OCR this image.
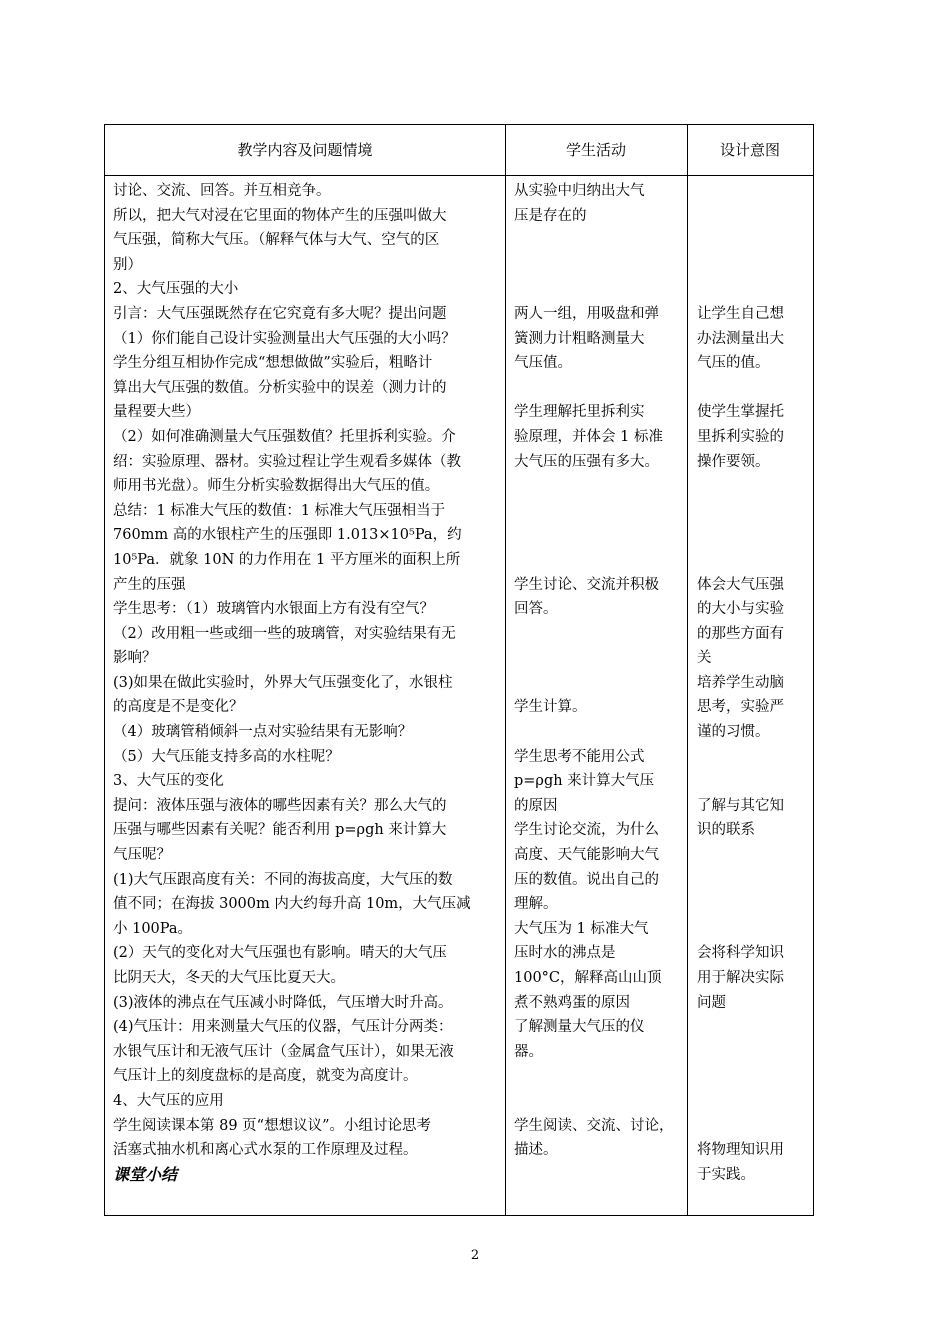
教学内容及问题情境	学生活动	设计意图
讨论、交流、回答。并互相竞争。
所以，把大气对浸在它里面的物体产生的压强叫做大
气压强，简称大气压。（解释气体与大气、空气的区
别）
2、大气压强的大小
引言：大气压强既然存在它究竟有多大呢？提出问题
（1）你们能自己设计实验测量出大气压强的大小吗？
学生分组互相协作完成“想想做做”实验后，粗略计
算出大气压强的数值。分析实验中的误差（测力计的
量程要大些）
（2）如何准确测量大气压强数值？托里拆利实验。介
绍：实验原理、器材。实验过程让学生观看多媒体（教
师用书光盘）。师生分析实验数据得出大气压的值。
总结：1 标准大气压的数值：1 标准大气压强相当于
760mm 高的水银柱产生的压强即 1.013×10⁵Pa，约
10⁵Pa．就象 10N 的力作用在 1 平方厘米的面积上所
产生的压强
学生思考：（1）玻璃管内水银面上方有没有空气？
（2）改用粗一些或细一些的玻璃管，对实验结果有无
影响？
(3)如果在做此实验时，外界大气压强变化了，水银柱
的高度是不是变化？
（4）玻璃管稍倾斜一点对实验结果有无影响？
（5）大气压能支持多高的水柱呢？
3、大气压的变化
提问：液体压强与液体的哪些因素有关？那么大气的
压强与哪些因素有关呢？能否利用 p=ρgh 来计算大
气压呢？
(1)大气压跟高度有关：不同的海拔高度，大气压的数
值不同；在海拔 3000m 内大约每升高 10m，大气压减
小 100Pa。
(2）天气的变化对大气压强也有影响。晴天的大气压
比阴天大，冬天的大气压比夏天大。
(3)液体的沸点在气压减小时降低，气压增大时升高。
(4)气压计：用来测量大气压的仪器，气压计分两类：
水银气压计和无液气压计（金属盒气压计），如果无液
气压计上的刻度盘标的是高度，就变为高度计。
4、大气压的应用
学生阅读课本第 89 页“想想议议”。小组讨论思考
活塞式抽水机和离心式水泵的工作原理及过程。
课堂小结
从实验中归纳出大气
压是存在的
两人一组，用吸盘和弹
簧测力计粗略测量大
气压值。
学生理解托里拆利实
验原理，并体会 1 标准
大气压的压强有多大。
学生讨论、交流并积极
回答。
学生计算。
学生思考不能用公式
p=ρgh 来计算大气压
的原因
学生讨论交流，为什么
高度、天气能影响大气
压的数值。说出自己的
理解。
大气压为 1 标准大气
压时水的沸点是
100°C，解释高山山顶
煮不熟鸡蛋的原因
了解测量大气压的仪
器。
学生阅读、交流、讨论，
描述。
让学生自己想
办法测量出大
气压的值。
使学生掌握托
里拆利实验的
操作要领。
体会大气压强
的大小与实验
的那些方面有
关
培养学生动脑
思考，实验严
谨的习惯。
了解与其它知
识的联系
会将科学知识
用于解决实际
问题
将物理知识用
于实践。
2
